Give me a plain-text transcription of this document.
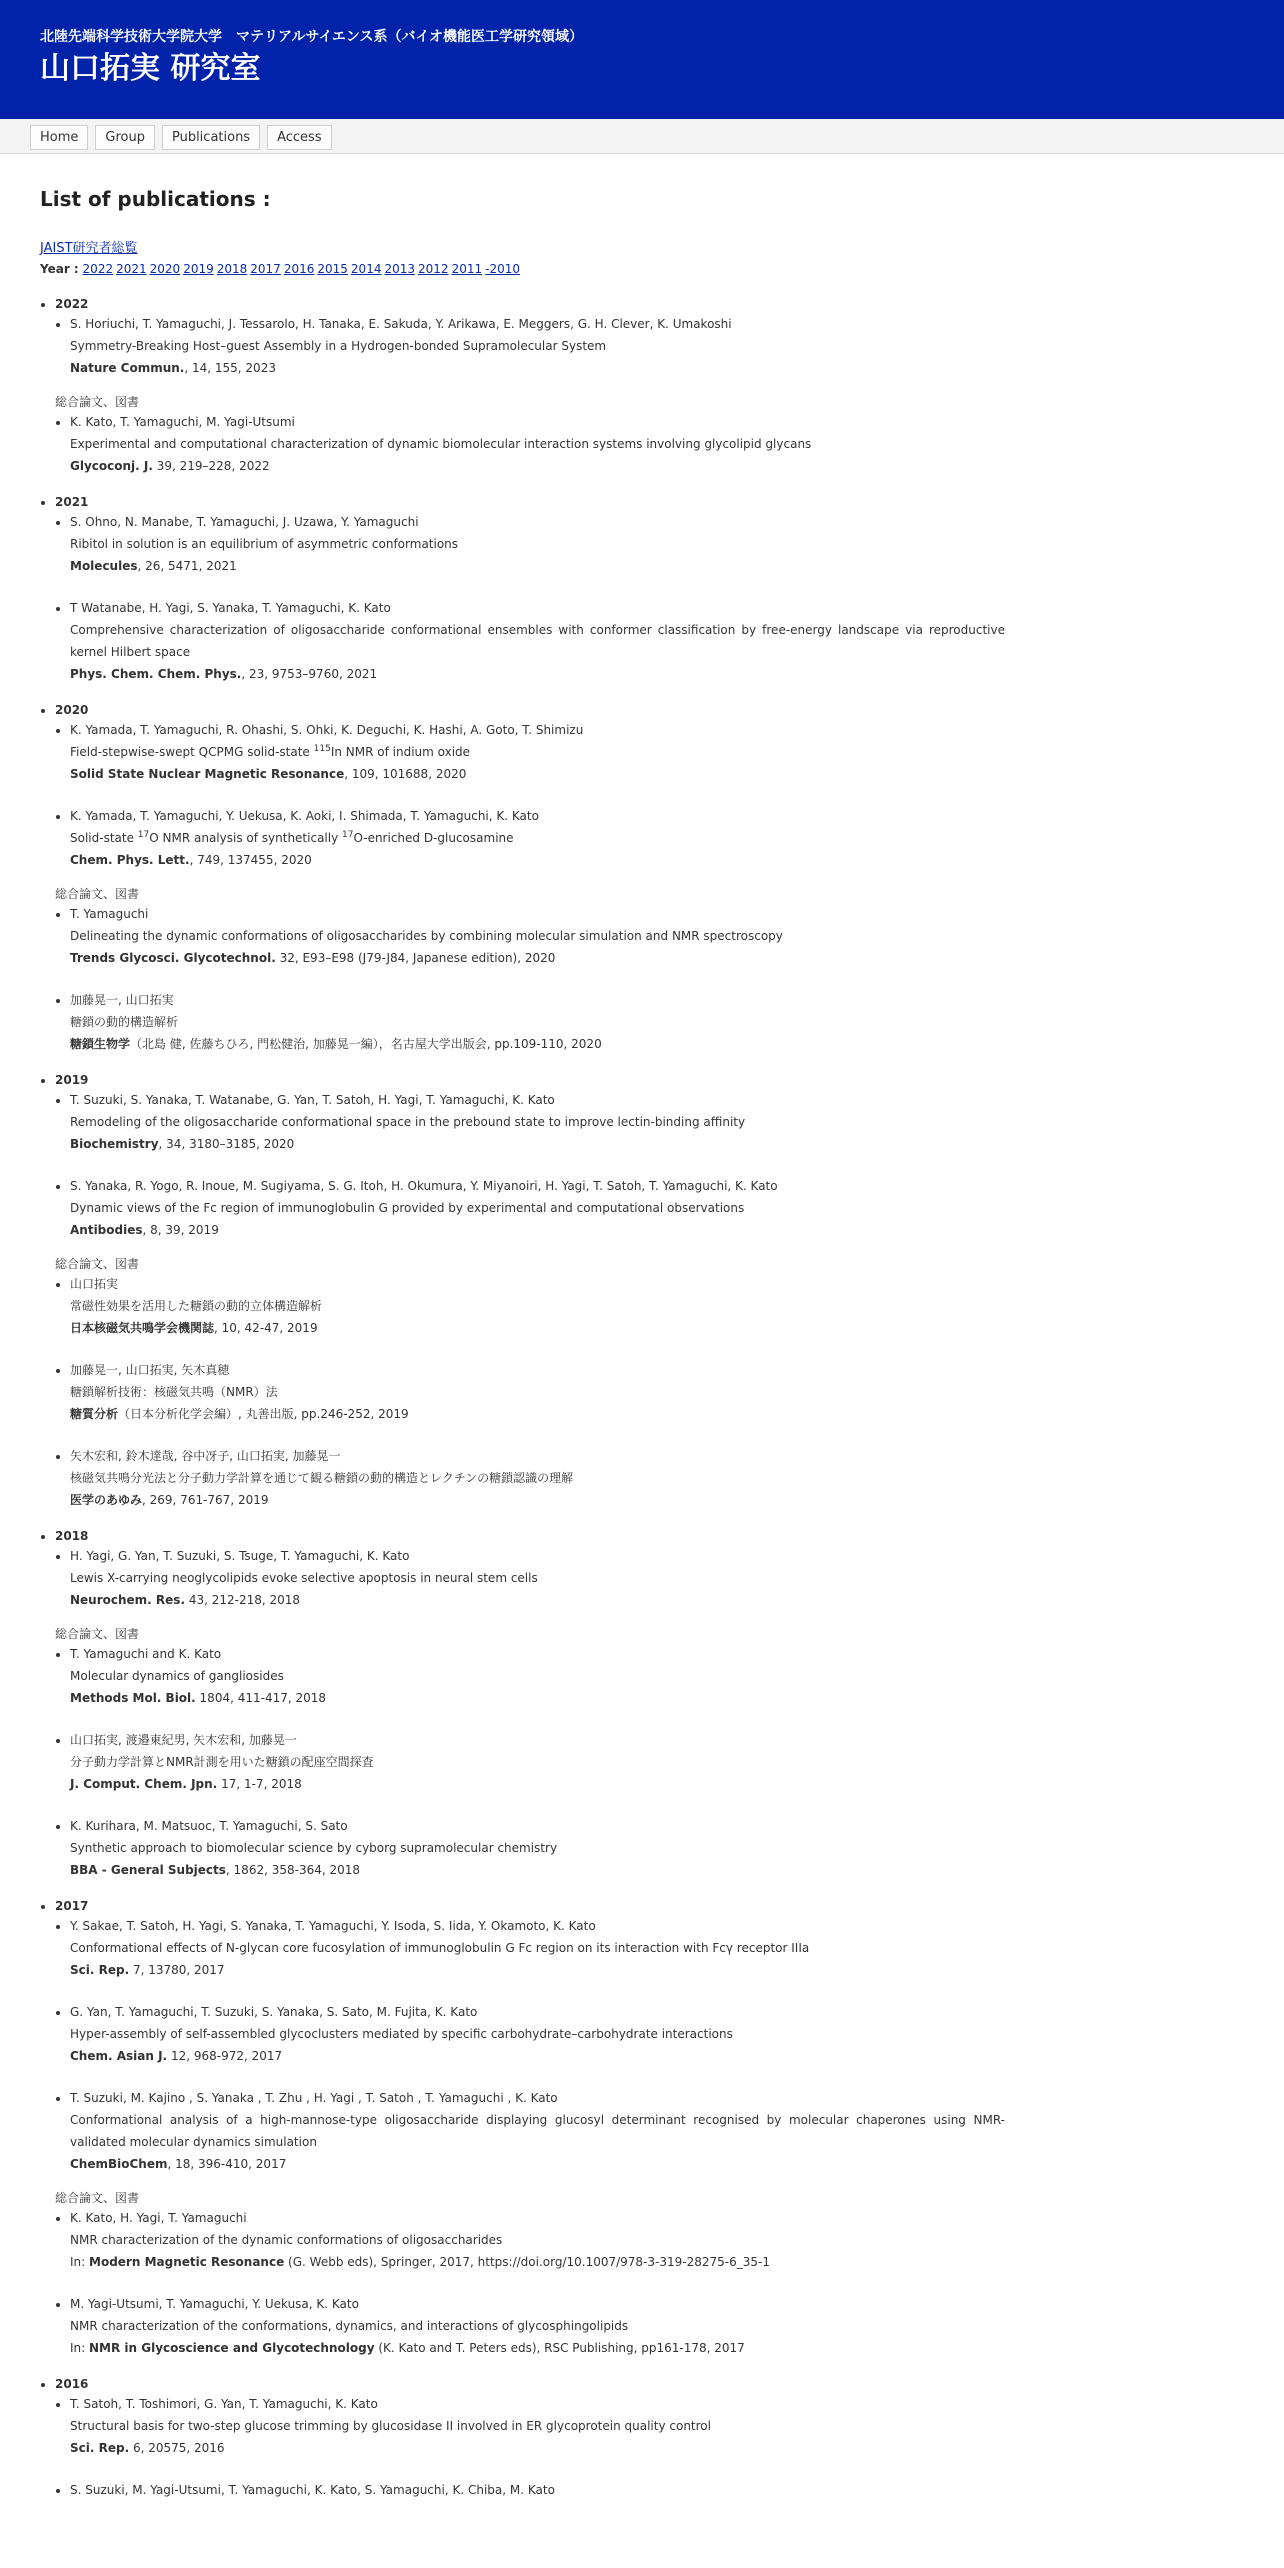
北陸先端科学技術大学院大学　マテリアルサイエンス系（バイオ機能医工学研究領域）
山口拓実 研究室
Home	Group	Publications	Access
List of publications :
JAIST研究者総覧
Year : 2022 2021 2020 2019 2018 2017 2016 2015 2014 2013 2012 2011 -2010
• 2022
• S. Horiuchi, T. Yamaguchi, J. Tessarolo, H. Tanaka, E. Sakuda, Y. Arikawa, E. Meggers, G. H. Clever, K. Umakoshi
Symmetry-Breaking Host–guest Assembly in a Hydrogen-bonded Supramolecular System
Nature Commun., 14, 155, 2023
総合論文、図書
• K. Kato, T. Yamaguchi, M. Yagi-Utsumi
Experimental and computational characterization of dynamic biomolecular interaction systems involving glycolipid glycans
Glycoconj. J. 39, 219–228, 2022
• 2021
• S. Ohno, N. Manabe, T. Yamaguchi, J. Uzawa, Y. Yamaguchi
Ribitol in solution is an equilibrium of asymmetric conformations
Molecules, 26, 5471, 2021
• T Watanabe, H. Yagi, S. Yanaka, T. Yamaguchi, K. Kato
Comprehensive characterization of oligosaccharide conformational ensembles with conformer classification by free-energy landscape via reproductive kernel Hilbert space
Phys. Chem. Chem. Phys., 23, 9753–9760, 2021
• 2020
• K. Yamada, T. Yamaguchi, R. Ohashi, S. Ohki, K. Deguchi, K. Hashi, A. Goto, T. Shimizu
Field-stepwise-swept QCPMG solid-state $^{115}$In NMR of indium oxide
Solid State Nuclear Magnetic Resonance, 109, 101688, 2020
• K. Yamada, T. Yamaguchi, Y. Uekusa, K. Aoki, I. Shimada, T. Yamaguchi, K. Kato
Solid-state $^{17}$O NMR analysis of synthetically $^{17}$O-enriched D-glucosamine
Chem. Phys. Lett., 749, 137455, 2020
総合論文、図書
• T. Yamaguchi
Delineating the dynamic conformations of oligosaccharides by combining molecular simulation and NMR spectroscopy
Trends Glycosci. Glycotechnol. 32, E93–E98 (J79-J84, Japanese edition), 2020
• 加藤晃一, 山口拓実
糖鎖の動的構造解析
糖鎖生物学（北島 健, 佐藤ちひろ, 門松健治, 加藤晃一編），名古屋大学出版会, pp.109-110, 2020
• 2019
• T. Suzuki, S. Yanaka, T. Watanabe, G. Yan, T. Satoh, H. Yagi, T. Yamaguchi, K. Kato
Remodeling of the oligosaccharide conformational space in the prebound state to improve lectin-binding affinity
Biochemistry, 34, 3180–3185, 2020
• S. Yanaka, R. Yogo, R. Inoue, M. Sugiyama, S. G. Itoh, H. Okumura, Y. Miyanoiri, H. Yagi, T. Satoh, T. Yamaguchi, K. Kato
Dynamic views of the Fc region of immunoglobulin G provided by experimental and computational observations
Antibodies, 8, 39, 2019
総合論文、図書
• 山口拓実
常磁性効果を活用した糖鎖の動的立体構造解析
日本核磁気共鳴学会機関誌, 10, 42-47, 2019
• 加藤晃一, 山口拓実, 矢木真穂
糖鎖解析技術：核磁気共鳴（NMR）法
糖質分析（日本分析化学会編）, 丸善出版, pp.246-252, 2019
• 矢木宏和, 鈴木達哉, 谷中冴子, 山口拓実, 加藤晃一
核磁気共鳴分光法と分子動力学計算を通じて観る糖鎖の動的構造とレクチンの糖鎖認識の理解
医学のあゆみ, 269, 761-767, 2019
• 2018
• H. Yagi, G. Yan, T. Suzuki, S. Tsuge, T. Yamaguchi, K. Kato
Lewis X-carrying neoglycolipids evoke selective apoptosis in neural stem cells
Neurochem. Res. 43, 212-218, 2018
総合論文、図書
• T. Yamaguchi and K. Kato
Molecular dynamics of gangliosides
Methods Mol. Biol. 1804, 411-417, 2018
• 山口拓実, 渡邉東紀男, 矢木宏和, 加藤晃一
分子動力学計算とNMR計測を用いた糖鎖の配座空間探査
J. Comput. Chem. Jpn. 17, 1-7, 2018
• K. Kurihara, M. Matsuoc, T. Yamaguchi, S. Sato
Synthetic approach to biomolecular science by cyborg supramolecular chemistry
BBA - General Subjects, 1862, 358-364, 2018
• 2017
• Y. Sakae, T. Satoh, H. Yagi, S. Yanaka, T. Yamaguchi, Y. Isoda, S. Iida, Y. Okamoto, K. Kato
Conformational effects of N-glycan core fucosylation of immunoglobulin G Fc region on its interaction with Fcγ receptor IIIa
Sci. Rep. 7, 13780, 2017
• G. Yan, T. Yamaguchi, T. Suzuki, S. Yanaka, S. Sato, M. Fujita, K. Kato
Hyper-assembly of self-assembled glycoclusters mediated by specific carbohydrate–carbohydrate interactions
Chem. Asian J. 12, 968-972, 2017
• T. Suzuki, M. Kajino , S. Yanaka , T. Zhu , H. Yagi , T. Satoh , T. Yamaguchi , K. Kato
Conformational analysis of a high-mannose-type oligosaccharide displaying glucosyl determinant recognised by molecular chaperones using NMR-validated molecular dynamics simulation
ChemBioChem, 18, 396-410, 2017
総合論文、図書
• K. Kato, H. Yagi, T. Yamaguchi
NMR characterization of the dynamic conformations of oligosaccharides
In: Modern Magnetic Resonance (G. Webb eds), Springer, 2017, https://doi.org/10.1007/978-3-319-28275-6_35-1
• M. Yagi-Utsumi, T. Yamaguchi, Y. Uekusa, K. Kato
NMR characterization of the conformations, dynamics, and interactions of glycosphingolipids
In: NMR in Glycoscience and Glycotechnology (K. Kato and T. Peters eds), RSC Publishing, pp161-178, 2017
• 2016
• T. Satoh, T. Toshimori, G. Yan, T. Yamaguchi, K. Kato
Structural basis for two-step glucose trimming by glucosidase II involved in ER glycoprotein quality control
Sci. Rep. 6, 20575, 2016
• S. Suzuki, M. Yagi-Utsumi, T. Yamaguchi, K. Kato, S. Yamaguchi, K. Chiba, M. Kato
